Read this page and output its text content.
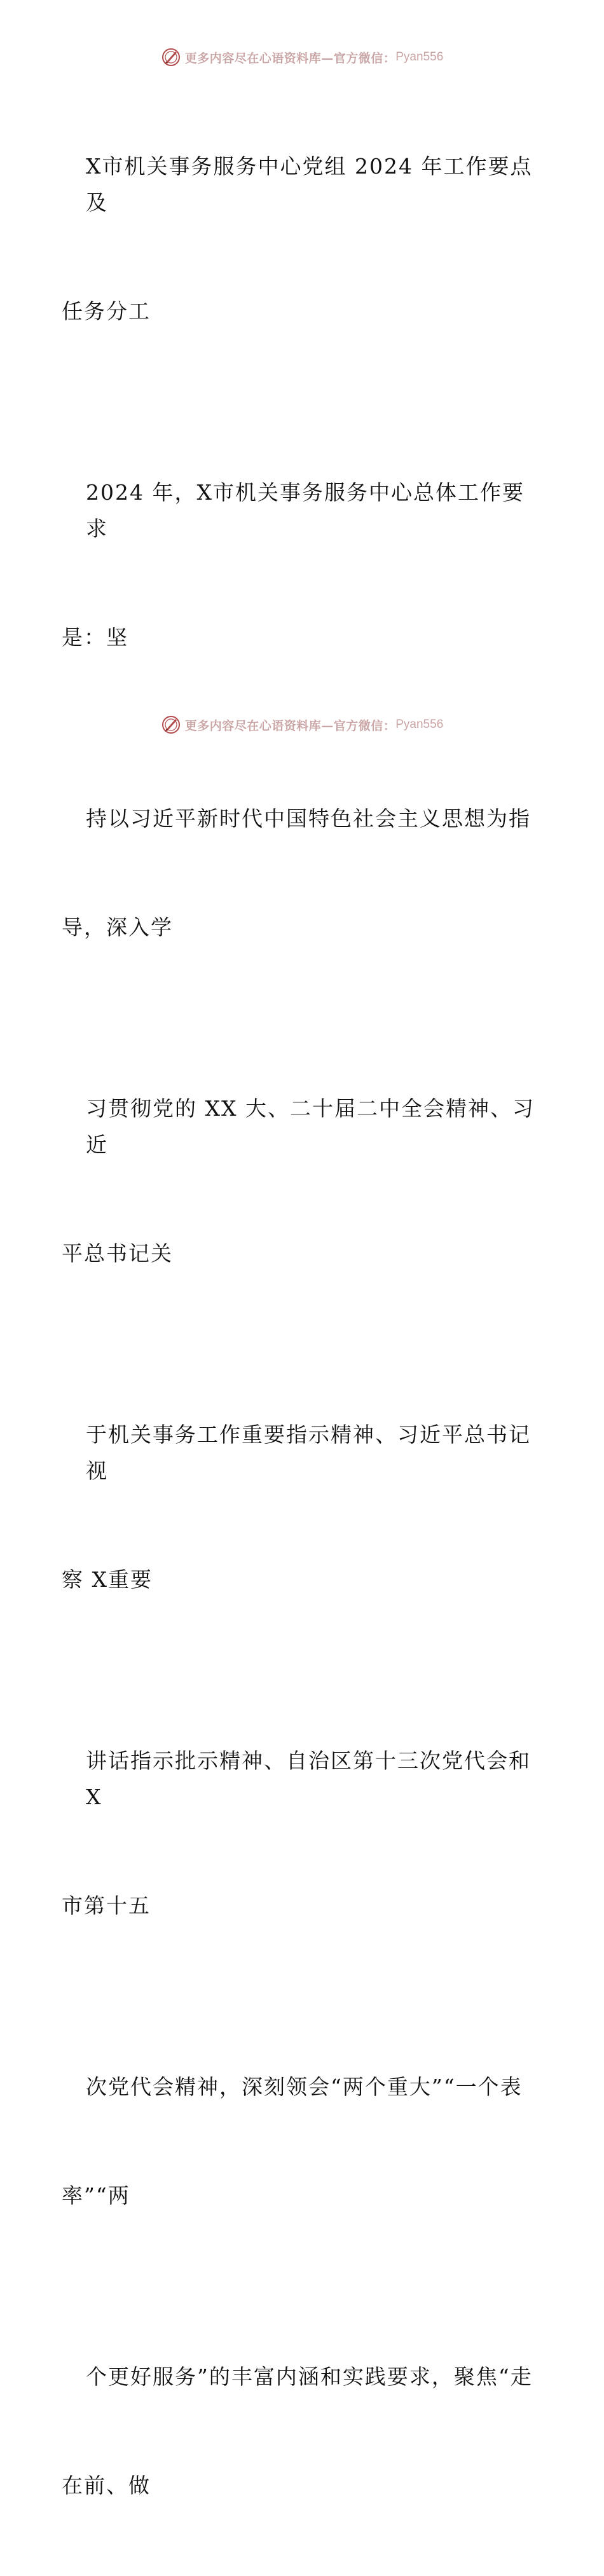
更多内容尽在心语资料库—官方微信： Pyan556

X市机关事务服务中心党组 2024 年工作要点及

任务分工

2024 年，X市机关事务服务中心总体工作要求

是：坚

持以习近平新时代中国特色社会主义思想为指

导，深入学

习贯彻党的 XX 大、二十届二中全会精神、习近

平总书记关

于机关事务工作重要指示精神、习近平总书记视

察 X重要

讲话指示批示精神、自治区第十三次党代会和 X

市第十五

次党代会精神，深刻领会“两个重大”“一个表

率”“两

个更好服务”的丰富内涵和实践要求，聚焦“走

在前、做

更多内容尽在心语资料库—官方微信： Pyan556
